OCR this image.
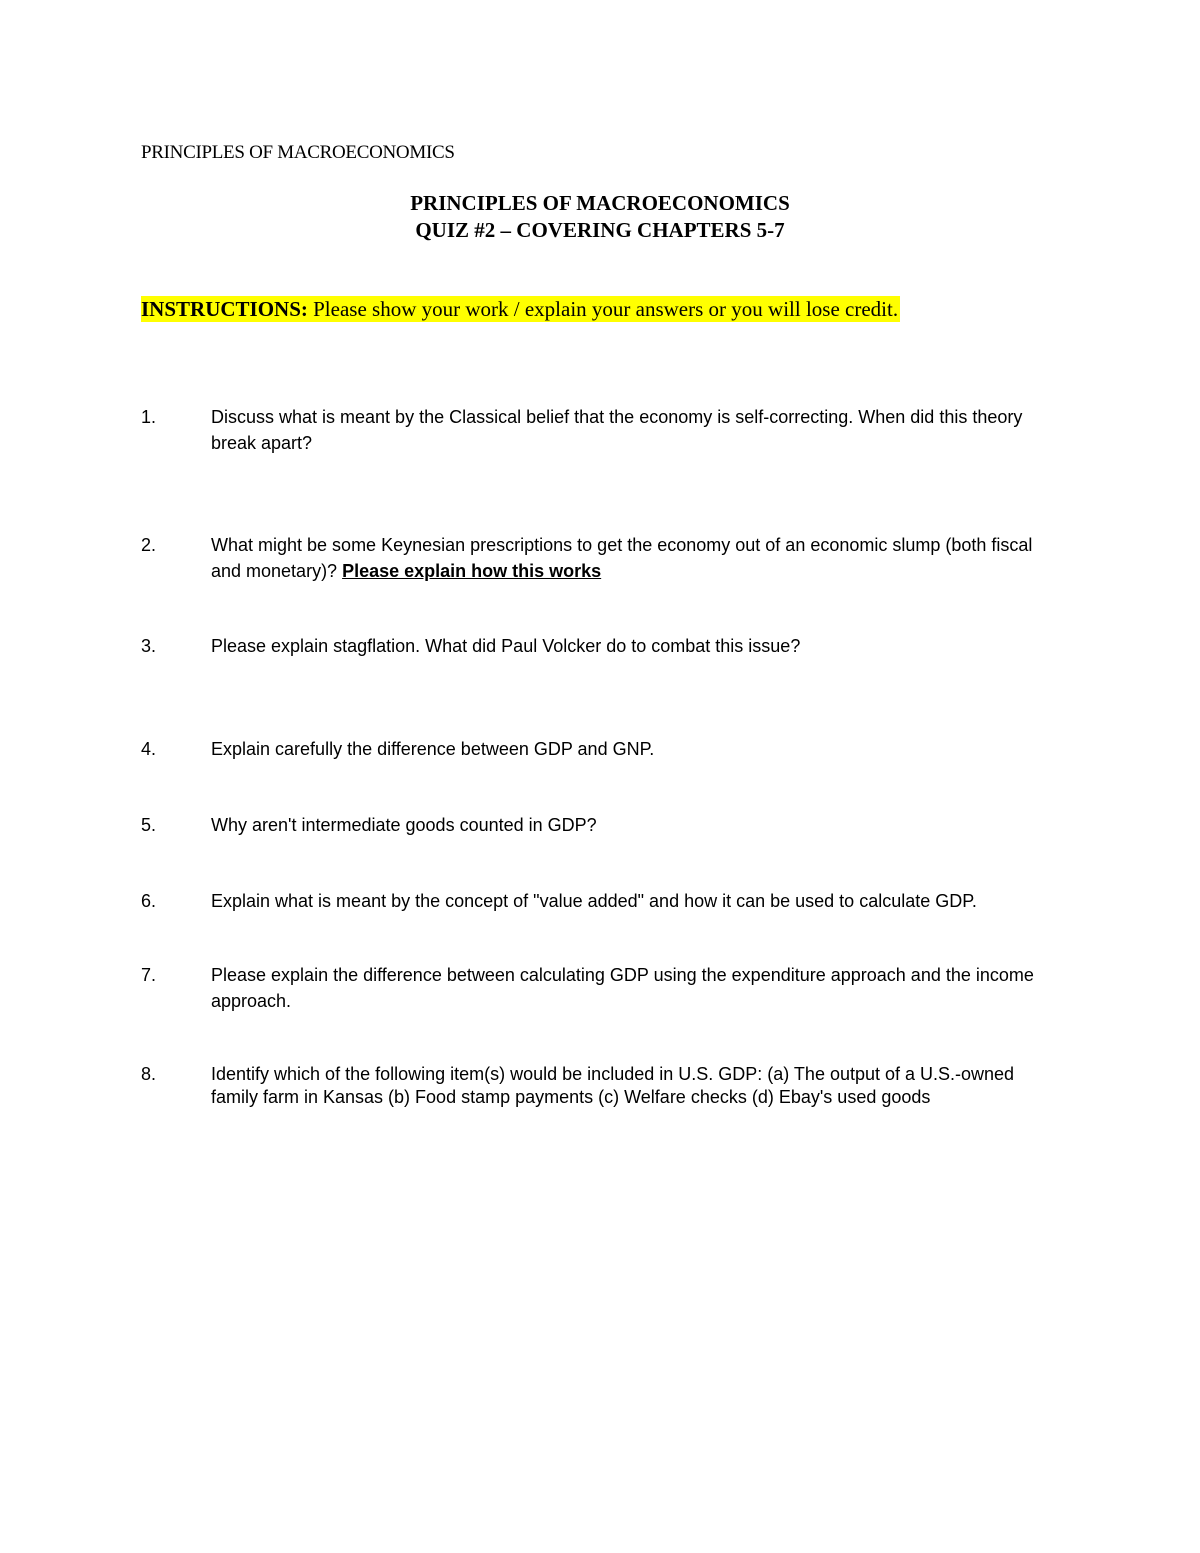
PRINCIPLES OF MACROECONOMICS
PRINCIPLES OF MACROECONOMICS
QUIZ #2 – COVERING CHAPTERS 5-7
INSTRUCTIONS: Please show your work / explain your answers or you will lose credit.
1.	Discuss what is meant by the Classical belief that the economy is self-correcting. When did this theory break apart?
2.	What might be some Keynesian prescriptions to get the economy out of an economic slump (both fiscal and monetary)? Please explain how this works
3.	Please explain stagflation. What did Paul Volcker do to combat this issue?
4.	Explain carefully the difference between GDP and GNP.
5.	Why aren't intermediate goods counted in GDP?
6.	Explain what is meant by the concept of "value added" and how it can be used to calculate GDP.
7.	Please explain the difference between calculating GDP using the expenditure approach and the income approach.
8.	Identify which of the following item(s) would be included in U.S. GDP: (a) The output of a U.S.-owned family farm in Kansas (b) Food stamp payments (c) Welfare checks (d) Ebay's used goods
